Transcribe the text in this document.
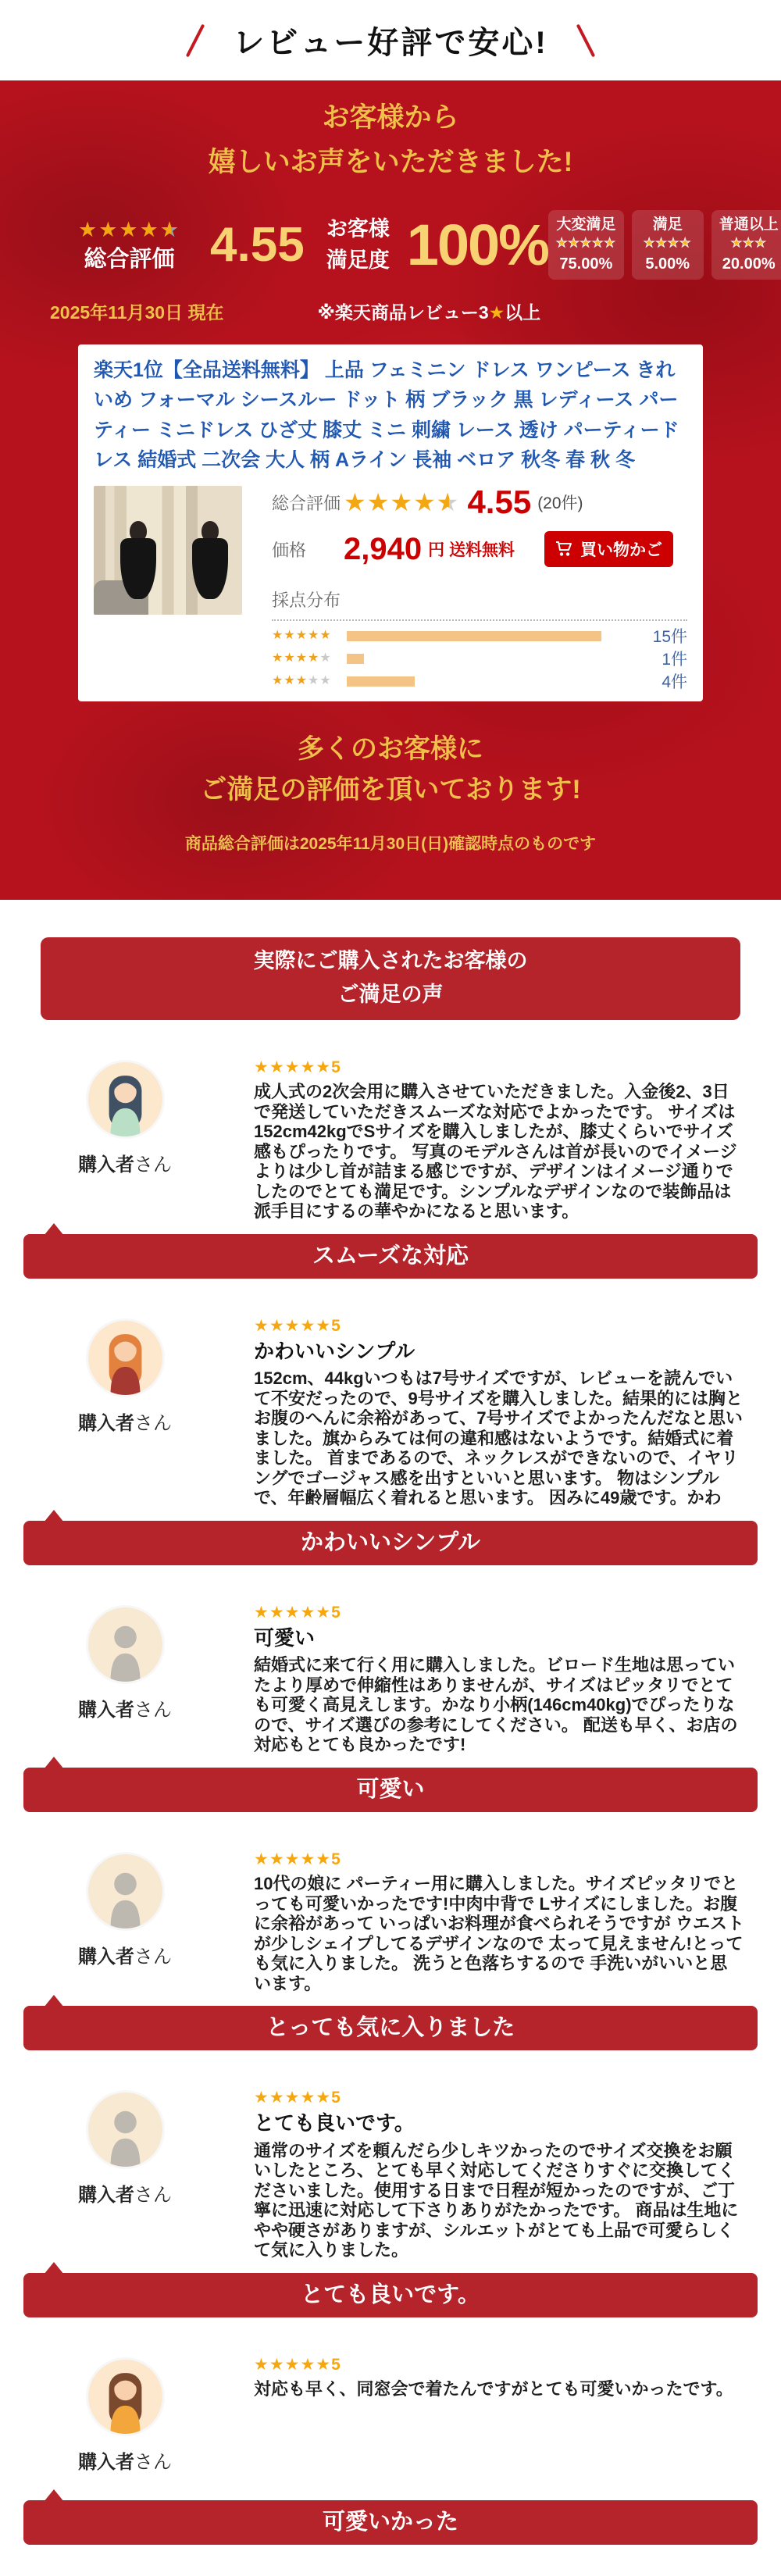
レビュー好評で安心!

お客様から

嬉しいお声をいただきました!

★★★★★ ★
総合評価 4.55 お客様
満足度 100% 大変満足
★★★★★
75.00%
満足
★★★★
5.00%
普通以上
★★★
20.00%
2025年11月30日 現在	※楽天商品レビュー3★以上

楽天1位【全品送料無料】 上品 フェミニン ドレス ワンピース きれいめ フォーマル シースルー ドット 柄 ブラック 黒 レディース パーティー ミニドレス ひざ丈 膝丈 ミニ 刺繍 レース 透け パーティードレス 結婚式 二次会 大人 柄 Aライン 長袖 ベロア 秋冬 春 秋 冬

総合評価 ★★★★★ ★ 4.55 (20件)
価格	2,940 円 送料無料	買い物かご
採点分布
★★★★★	15件
★★★★★	1件
★★★★★	4件

多くのお客様に

ご満足の評価を頂いております!

商品総合評価は2025年11月30日(日)確認時点のものです

実際にご購入されたお客様の
ご満足の声
購入者さん
★★★★★5
成人式の2次会用に購入させていただきました。入金後2、3日で発送していただきスムーズな対応でよかったです。 サイズは152cm42kgでSサイズを購入しましたが、膝丈くらいでサイズ感もぴったりです。 写真のモデルさんは首が長いのでイメージよりは少し首が詰まる感じですが、デザインはイメージ通りでしたのでとても満足です。シンプルなデザインなので装飾品は派手目にするの華やかになると思います。
スムーズな対応
購入者さん
★★★★★5
かわいいシンプル
152cm、44kgいつもは7号サイズですが、レビューを読んでいて不安だったので、9号サイズを購入しました。結果的には胸とお腹のへんに余裕があって、7号サイズでよかったんだなと思いました。旗からみては何の違和感はないようです。結婚式に着ました。 首まであるので、ネックレスができないので、イヤリングでゴージャス感を出すといいと思います。 物はシンプルで、年齢層幅広く着れると思います。 因みに49歳です。かわ
かわいいシンプル
購入者さん
★★★★★5
可愛い
結婚式に来て行く用に購入しました。ビロード生地は思っていたより厚めで伸縮性はありませんが、サイズはピッタリでとても可愛く高見えします。かなり小柄(146cm40kg)でぴったりなので、サイズ選びの参考にしてください。 配送も早く、お店の対応もとても良かったです!
可愛い
購入者さん
★★★★★5
10代の娘に パーティー用に購入しました。サイズピッタリでとっても可愛いかったです!中肉中背で Lサイズにしました。お腹に余裕があって いっぱいお料理が食べられそうですが ウエストが少しシェイプしてるデザインなので 太って見えません!とっても気に入りました。 洗うと色落ちするので 手洗いがいいと思います。
とっても気に入りました
購入者さん
★★★★★5
とても良いです。
通常のサイズを頼んだら少しキツかったのでサイズ交換をお願いしたところ、とても早く対応してくださりすぐに交換してくださいました。使用する日まで日程が短かったのですが、ご丁寧に迅速に対応して下さりありがたかったです。 商品は生地にやや硬さがありますが、シルエットがとても上品で可愛らしくて気に入りました。
とても良いです。
購入者さん
★★★★★5
対応も早く、同窓会で着たんですがとても可愛いかったです。
可愛いかった
